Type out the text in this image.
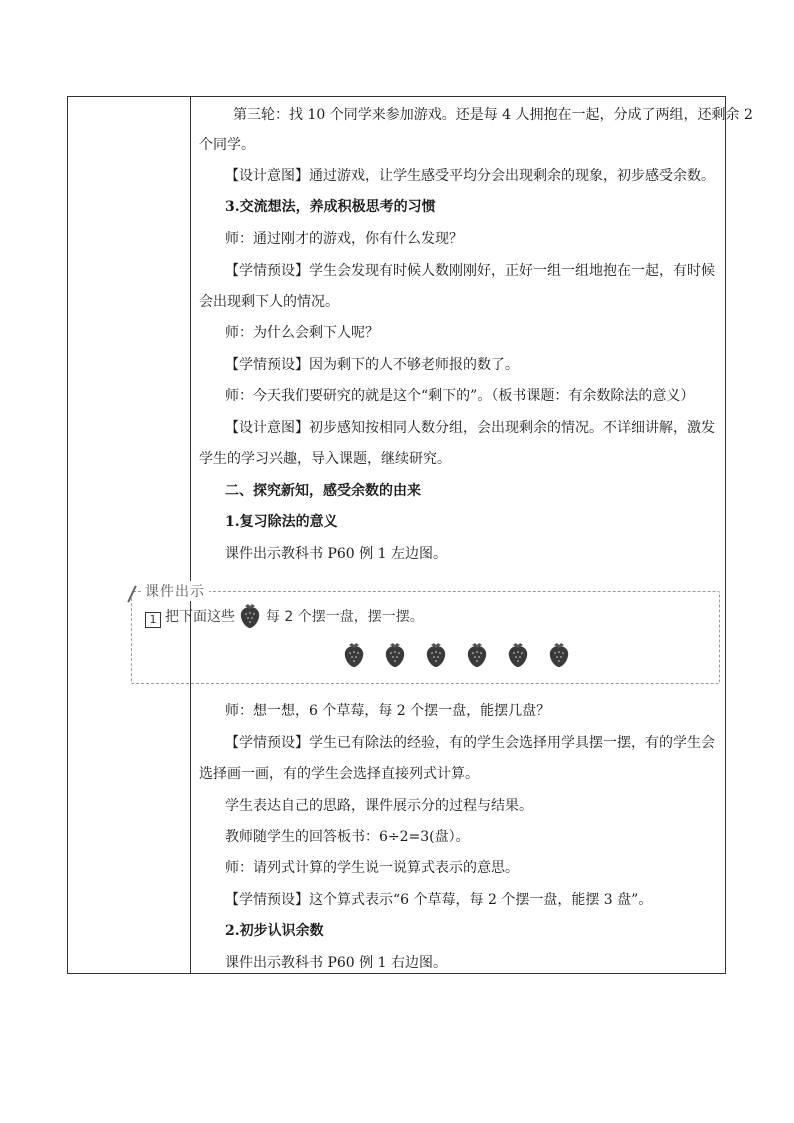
第三轮：找 10 个同学来参加游戏。还是每 4 人拥抱在一起，分成了两组，还剩余 2
个同学。
【设计意图】通过游戏，让学生感受平均分会出现剩余的现象，初步感受余数。
3.交流想法，养成积极思考的习惯
师：通过刚才的游戏，你有什么发现？
【学情预设】学生会发现有时候人数刚刚好，正好一组一组地抱在一起，有时候
会出现剩下人的情况。
师：为什么会剩下人呢？
【学情预设】因为剩下的人不够老师报的数了。
师：今天我们要研究的就是这个“剩下的”。（板书课题：有余数除法的意义）
【设计意图】初步感知按相同人数分组，会出现剩余的情况。不详细讲解，激发
学生的学习兴趣，导入课题，继续研究。
二、探究新知，感受余数的由来
1.复习除法的意义
课件出示教科书 P60 例 1 左边图。
课件出示
1 把下面这些 每 2 个摆一盘，摆一摆。

师：想一想，6 个草莓，每 2 个摆一盘，能摆几盘？
【学情预设】学生已有除法的经验，有的学生会选择用学具摆一摆，有的学生会
选择画一画，有的学生会选择直接列式计算。
学生表达自己的思路，课件展示分的过程与结果。
教师随学生的回答板书：6÷2=3(盘）。
师：请列式计算的学生说一说算式表示的意思。
【学情预设】这个算式表示“6 个草莓，每 2 个摆一盘，能摆 3 盘”。
2.初步认识余数
课件出示教科书 P60 例 1 右边图。
